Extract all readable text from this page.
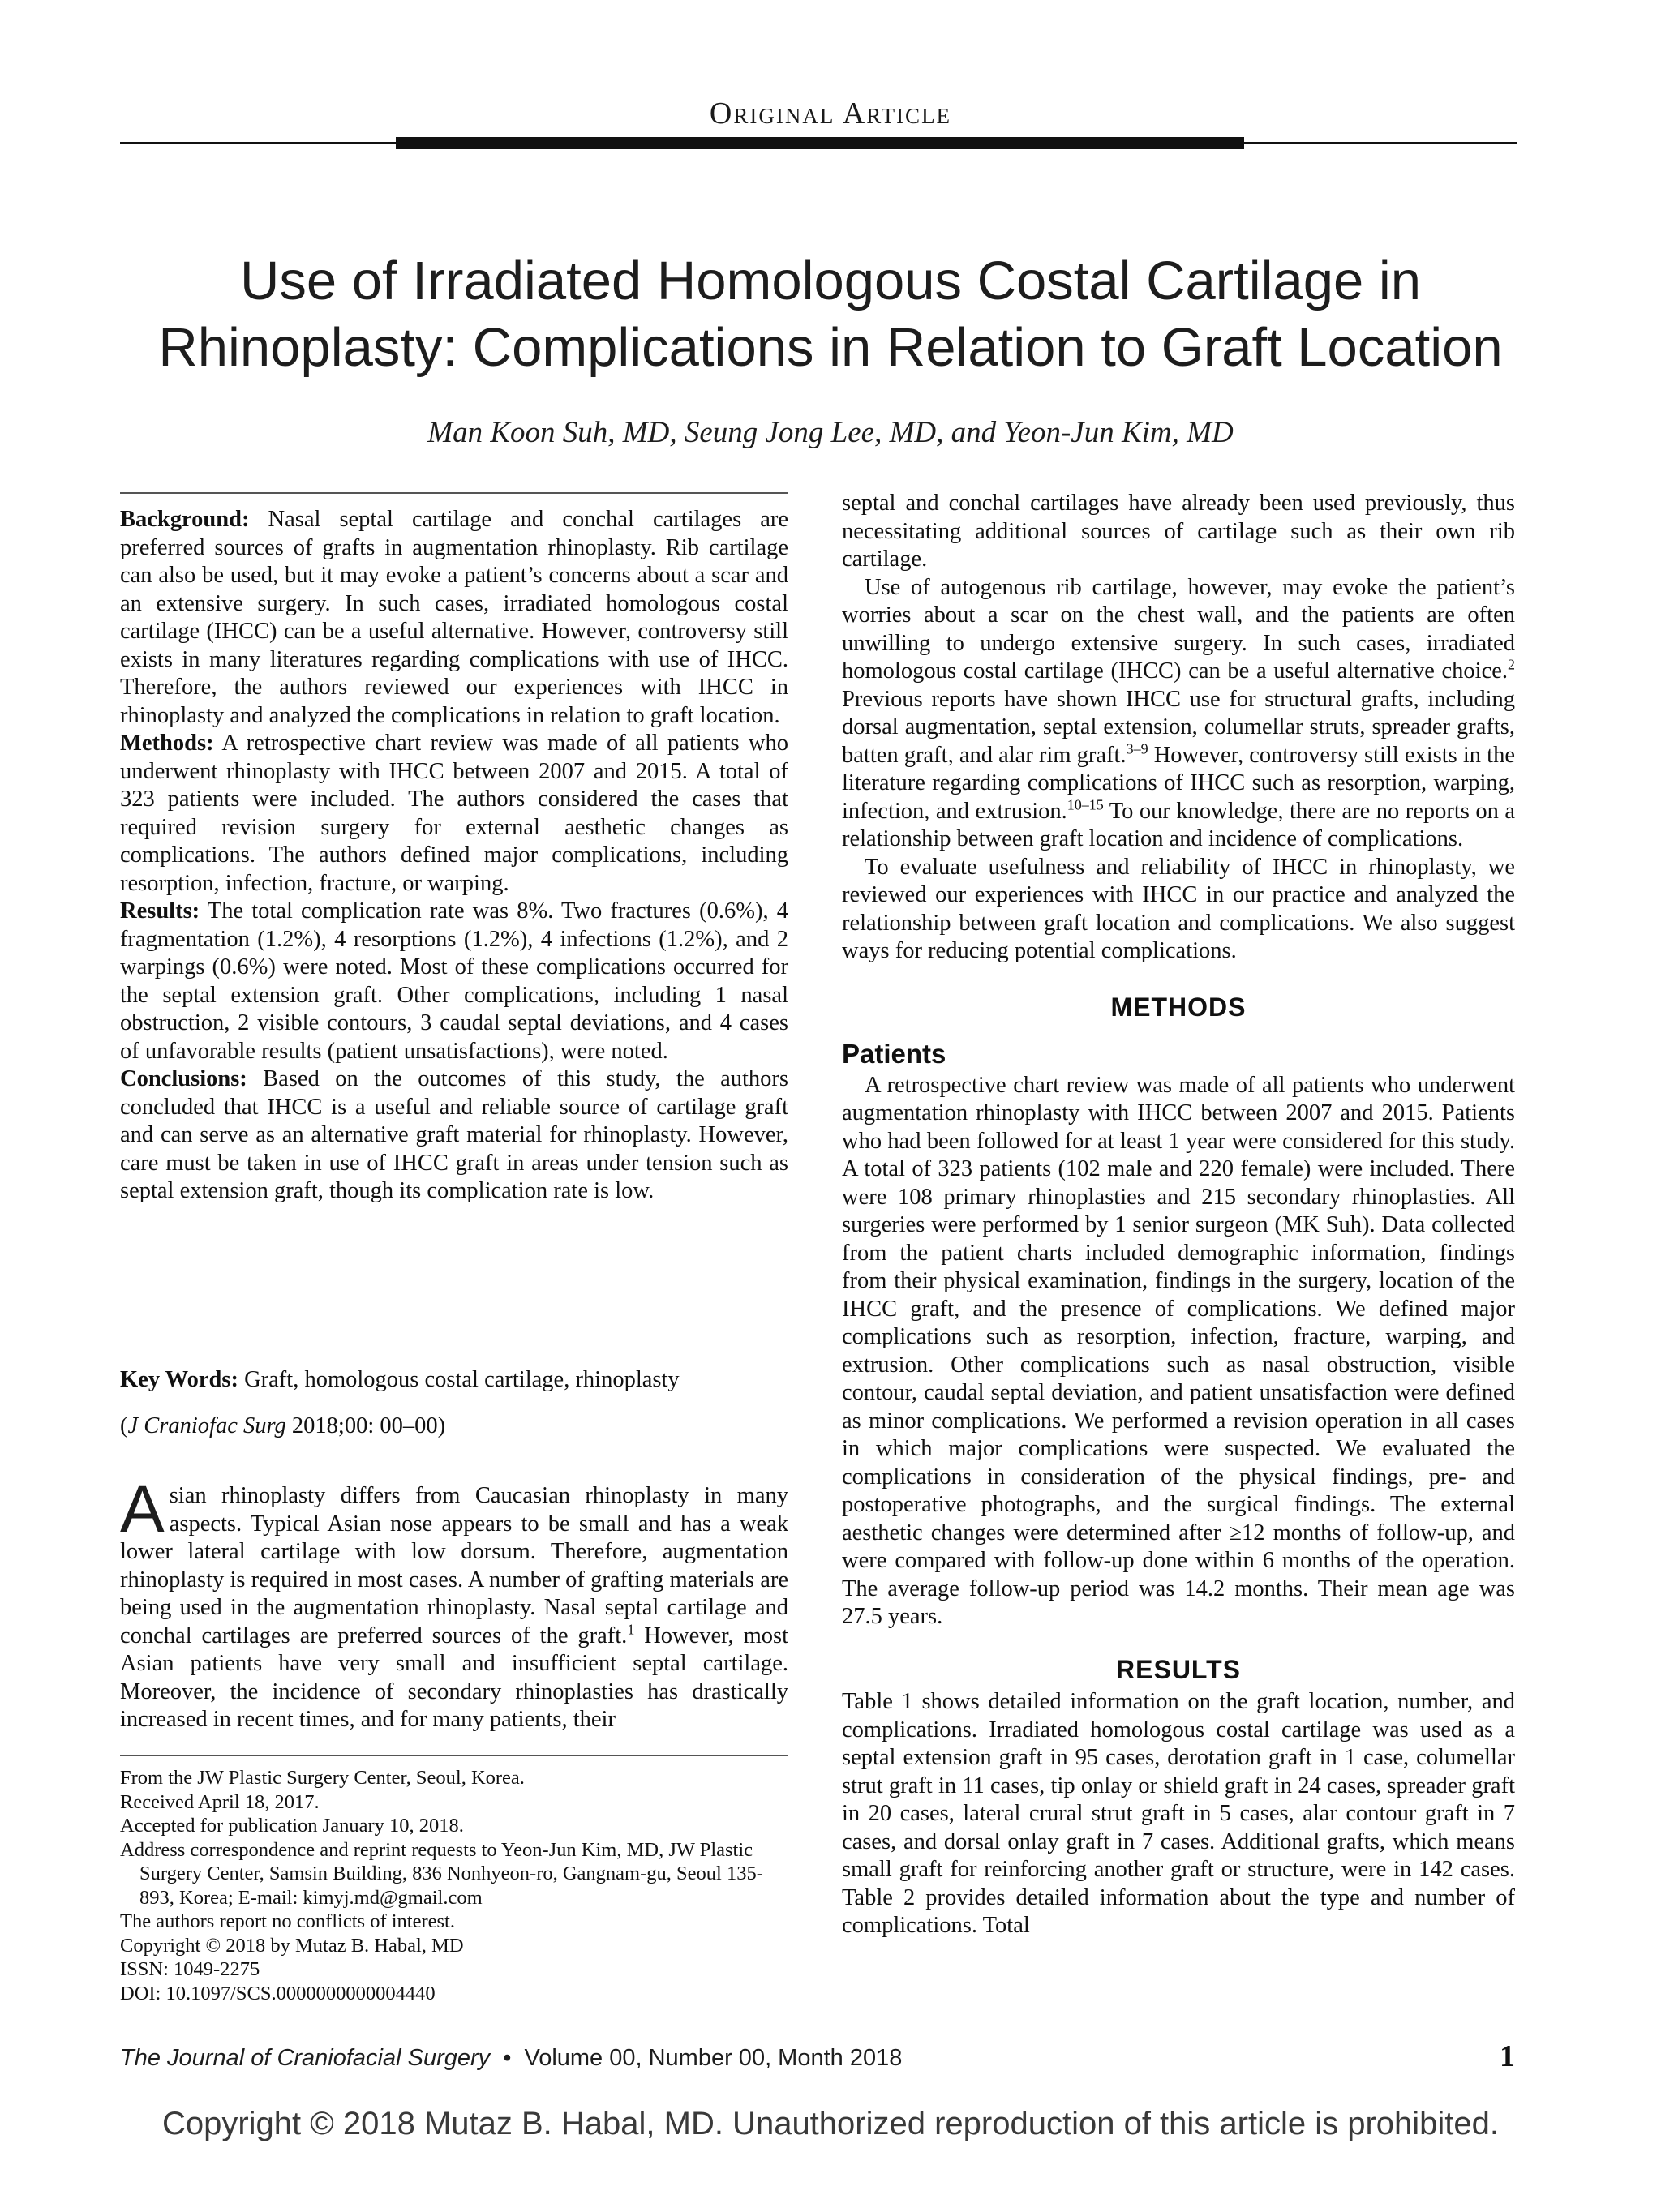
Original Article
Use of Irradiated Homologous Costal Cartilage in
Rhinoplasty: Complications in Relation to Graft Location
Man Koon Suh, MD, Seung Jong Lee, MD, and Yeon-Jun Kim, MD

Background: Nasal septal cartilage and conchal cartilages are preferred sources of grafts in augmentation rhinoplasty. Rib cartilage can also be used, but it may evoke a patient’s concerns about a scar and an extensive surgery. In such cases, irradiated homologous costal cartilage (IHCC) can be a useful alternative. However, controversy still exists in many literatures regarding complications with use of IHCC. Therefore, the authors reviewed our experiences with IHCC in rhinoplasty and analyzed the complications in relation to graft location.

Methods: A retrospective chart review was made of all patients who underwent rhinoplasty with IHCC between 2007 and 2015. A total of 323 patients were included. The authors considered the cases that required revision surgery for external aesthetic changes as complications. The authors defined major complications, including resorption, infection, fracture, or warping.

Results: The total complication rate was 8%. Two fractures (0.6%), 4 fragmentation (1.2%), 4 resorptions (1.2%), 4 infections (1.2%), and 2 warpings (0.6%) were noted. Most of these complications occurred for the septal extension graft. Other complications, including 1 nasal obstruction, 2 visible contours, 3 caudal septal deviations, and 4 cases of unfavorable results (patient unsatisfactions), were noted.

Conclusions: Based on the outcomes of this study, the authors concluded that IHCC is a useful and reliable source of cartilage graft and can serve as an alternative graft material for rhinoplasty. However, care must be taken in use of IHCC graft in areas under tension such as septal extension graft, though its complication rate is low.

Key Words: Graft, homologous costal cartilage, rhinoplasty
(J Craniofac Surg 2018;00: 00–00)

Asian rhinoplasty differs from Caucasian rhinoplasty in many aspects. Typical Asian nose appears to be small and has a weak lower lateral cartilage with low dorsum. Therefore, augmentation rhinoplasty is required in most cases. A number of grafting materials are being used in the augmentation rhinoplasty. Nasal septal cartilage and conchal cartilages are preferred sources of the graft.$^1$ However, most Asian patients have very small and insufficient septal cartilage. Moreover, the incidence of secondary rhinoplasties has drastically increased in recent times, and for many patients, their

From the JW Plastic Surgery Center, Seoul, Korea.

Received April 18, 2017.

Accepted for publication January 10, 2018.

Address correspondence and reprint requests to Yeon-Jun Kim, MD, JW Plastic Surgery Center, Samsin Building, 836 Nonhyeon-ro, Gangnam-gu, Seoul 135-893, Korea; E-mail: kimyj.md@gmail.com

The authors report no conflicts of interest.

Copyright © 2018 by Mutaz B. Habal, MD

ISSN: 1049-2275

DOI: 10.1097/SCS.0000000000004440

septal and conchal cartilages have already been used previously, thus necessitating additional sources of cartilage such as their own rib cartilage.

Use of autogenous rib cartilage, however, may evoke the patient’s worries about a scar on the chest wall, and the patients are often unwilling to undergo extensive surgery. In such cases, irradiated homologous costal cartilage (IHCC) can be a useful alternative choice.$^2$ Previous reports have shown IHCC use for structural grafts, including dorsal augmentation, septal extension, columellar struts, spreader grafts, batten graft, and alar rim graft.$^{3-9}$ However, controversy still exists in the literature regarding complications of IHCC such as resorption, warping, infection, and extrusion.$^{10-15}$ To our knowledge, there are no reports on a relationship between graft location and incidence of complications.

To evaluate usefulness and reliability of IHCC in rhinoplasty, we reviewed our experiences with IHCC in our practice and analyzed the relationship between graft location and complications. We also suggest ways for reducing potential complications.

METHODS
Patients

A retrospective chart review was made of all patients who underwent augmentation rhinoplasty with IHCC between 2007 and 2015. Patients who had been followed for at least 1 year were considered for this study. A total of 323 patients (102 male and 220 female) were included. There were 108 primary rhinoplasties and 215 secondary rhinoplasties. All surgeries were performed by 1 senior surgeon (MK Suh). Data collected from the patient charts included demographic information, findings from their physical examination, findings in the surgery, location of the IHCC graft, and the presence of complications. We defined major complications such as resorption, infection, fracture, warping, and extrusion. Other complications such as nasal obstruction, visible contour, caudal septal deviation, and patient unsatisfaction were defined as minor complications. We performed a revision operation in all cases in which major complications were suspected. We evaluated the complications in consideration of the physical findings, pre- and postoperative photographs, and the surgical findings. The external aesthetic changes were determined after ≥12 months of follow-up, and were compared with follow-up done within 6 months of the operation. The average follow-up period was 14.2 months. Their mean age was 27.5 years.

RESULTS

Table 1 shows detailed information on the graft location, number, and complications. Irradiated homologous costal cartilage was used as a septal extension graft in 95 cases, derotation graft in 1 case, columellar strut graft in 11 cases, tip onlay or shield graft in 24 cases, spreader graft in 20 cases, lateral crural strut graft in 5 cases, alar contour graft in 7 cases, and dorsal onlay graft in 7 cases. Additional grafts, which means small graft for reinforcing another graft or structure, were in 142 cases. Table 2 provides detailed information about the type and number of complications. Total

The Journal of Craniofacial Surgery • Volume 00, Number 00, Month 2018	1
Copyright © 2018 Mutaz B. Habal, MD. Unauthorized reproduction of this article is prohibited.
